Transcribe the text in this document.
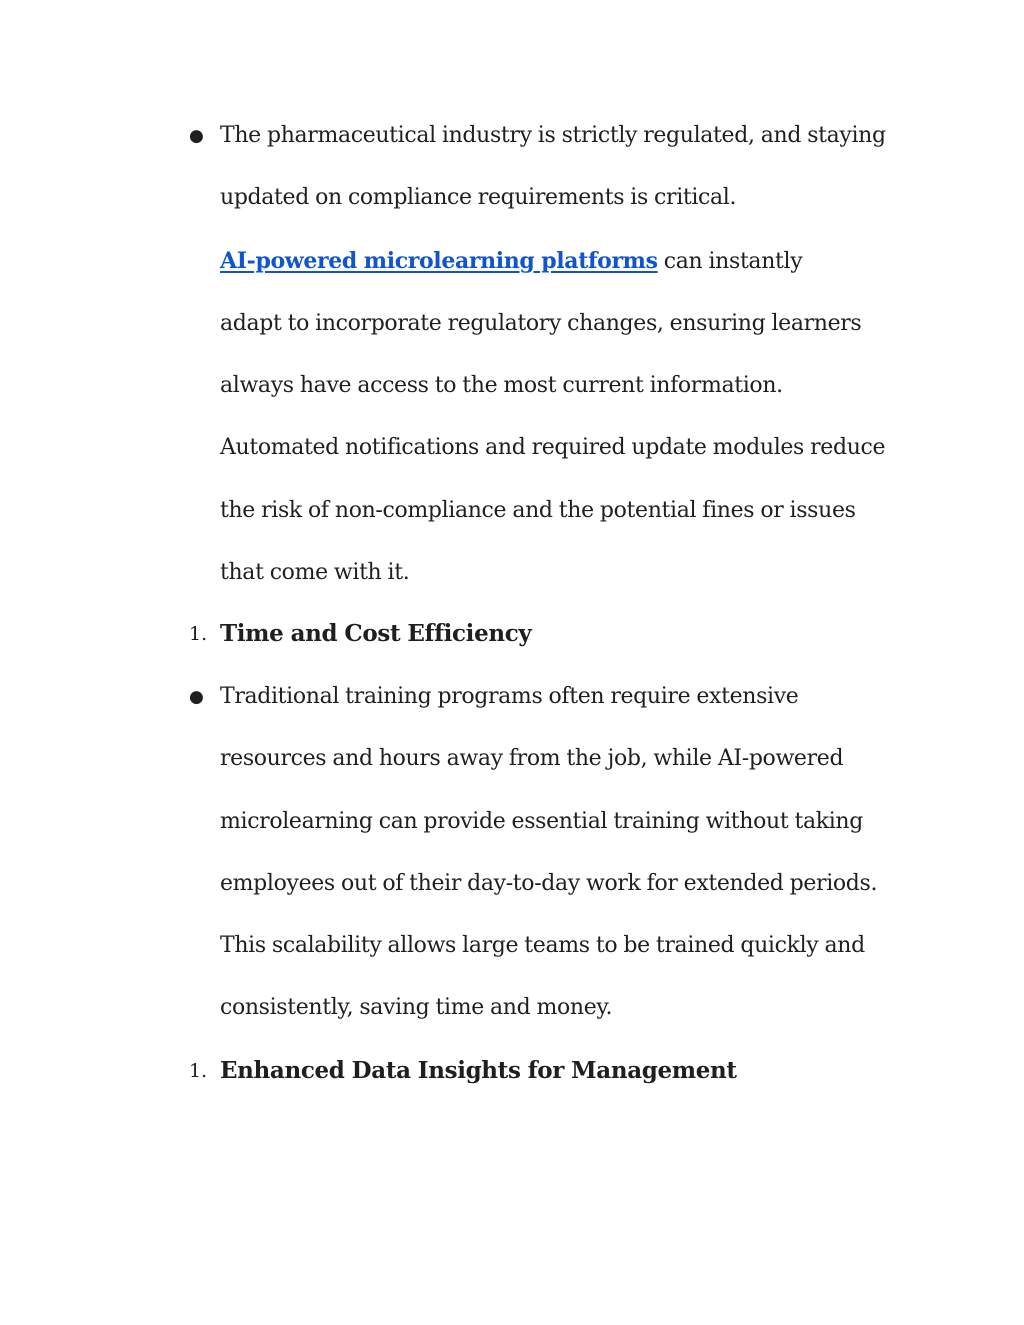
● The pharmaceutical industry is strictly regulated, and staying
updated on compliance requirements is critical.
AI-powered microlearning platforms can instantly
adapt to incorporate regulatory changes, ensuring learners
always have access to the most current information.
Automated notifications and required update modules reduce
the risk of non-compliance and the potential fines or issues
that come with it.
1. Time and Cost Efficiency
● Traditional training programs often require extensive
resources and hours away from the job, while AI-powered
microlearning can provide essential training without taking
employees out of their day-to-day work for extended periods.
This scalability allows large teams to be trained quickly and
consistently, saving time and money.
1. Enhanced Data Insights for Management
